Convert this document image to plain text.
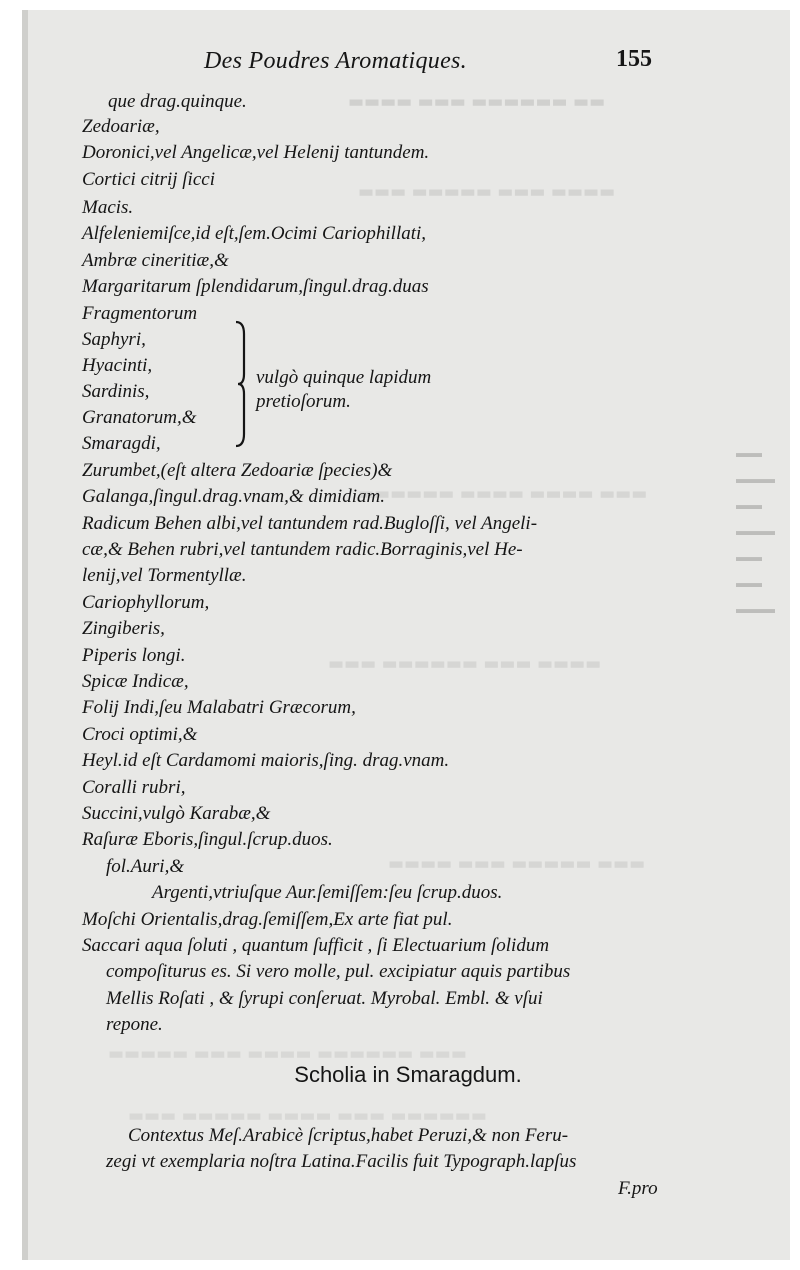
▬▬▬▬ ▬▬▬ ▬▬▬▬▬▬ ▬▬
▬▬▬ ▬▬▬▬▬ ▬▬▬ ▬▬▬▬
▬▬▬▬▬▬ ▬▬▬▬ ▬▬▬▬ ▬▬▬
▬▬▬ ▬▬▬▬▬▬ ▬▬▬ ▬▬▬▬
▬▬▬▬ ▬▬▬ ▬▬▬▬▬ ▬▬▬
▬▬▬▬▬ ▬▬▬ ▬▬▬▬ ▬▬▬▬▬▬ ▬▬▬
▬▬▬ ▬▬▬▬▬ ▬▬▬▬ ▬▬▬ ▬▬▬▬▬▬
Des Poudres Aromatiques.	155
que drag.quinque.
Zedoariæ,
Doronici,vel Angelicæ,vel Helenij tantundem.
Cortici citrij ſicci
Macis.
Alfeleniemiſce,id eſt,ſem.Ocimi Cariophillati,
Ambræ cineritiæ,&
Margaritarum ſplendidarum,ſingul.drag.duas
Fragmentorum
Saphyri,
Hyacinti,
Sardinis,
Granatorum,&
Smaragdi,
vulgò quinque lapidum
pretioſorum.
Zurumbet,(eſt altera Zedoariæ ſpecies)&
Galanga,ſingul.drag.vnam,& dimidiam.
Radicum Behen albi,vel tantundem rad.Bugloſſi, vel Angeli-
cæ,& Behen rubri,vel tantundem radic.Borraginis,vel He-
lenij,vel Tormentyllæ.
Cariophyllorum,
Zingiberis,
Piperis longi.
Spicæ Indicæ,
Folij Indi,ſeu Malabatri Græcorum,
Croci optimi,&
Heyl.id eſt Cardamomi maioris,ſing. drag.vnam.
Coralli rubri,
Succini,vulgò Karabæ,&
Raſuræ Eboris,ſingul.ſcrup.duos.
fol.Auri,&
Argenti,vtriuſque Aur.ſemiſſem:ſeu ſcrup.duos.
Moſchi Orientalis,drag.ſemiſſem,Ex arte fiat pul.
Saccari aqua ſoluti , quantum ſufficit , ſi Electuarium ſolidum
compoſiturus es. Si vero molle, pul. excipiatur aquis partibus
Mellis Roſati , & ſyrupi conſeruat. Myrobal. Embl. & vſui
repone.
Scholia in Smaragdum.
Contextus Meſ.Arabicè ſcriptus,habet Peruzi,& non Feru-
zegi vt exemplaria noſtra Latina.Facilis fuit Typograph.lapſus
F.pro
▬▬
▬▬▬
▬▬
▬▬▬
▬▬
▬▬
▬▬▬
